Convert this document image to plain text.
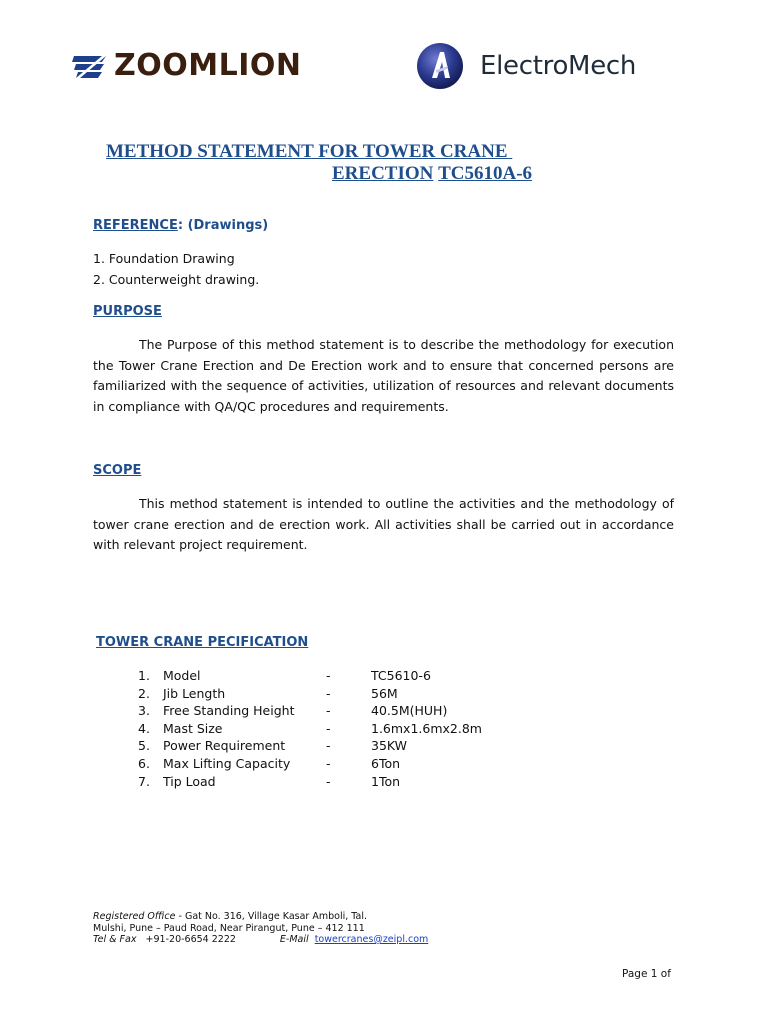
ZOOMLION	ElectroMech
METHOD STATEMENT FOR TOWER CRANE
ERECTION TC5610A-6
REFERENCE: (Drawings)
1. Foundation Drawing
2. Counterweight drawing.
PURPOSE
The Purpose of this method statement is to describe the methodology for execution the Tower Crane Erection and De Erection work and to ensure that concerned persons are familiarized with the sequence of activities, utilization of resources and relevant documents in compliance with QA/QC procedures and requirements.
SCOPE
This method statement is intended to outline the activities and the methodology of tower crane erection and de erection work. All activities shall be carried out in accordance with relevant project requirement.
TOWER CRANE PECIFICATION
1.	Model	-	TC5610-6
2.	Jib Length	-	56M
3.	Free Standing Height	-	40.5M(HUH)
4.	Mast Size	-	1.6mx1.6mx2.8m
5.	Power Requirement	-	35KW
6.	Max Lifting Capacity	-	6Ton
7.	Tip Load	-	1Ton
Registered Office - Gat No. 316, Village Kasar Amboli, Tal.
Mulshi, Pune – Paud Road, Near Pirangut, Pune – 412 111
Tel & Fax +91-20-6654 2222	E-Mail towercranes@zeipl.com
Page 1 of
